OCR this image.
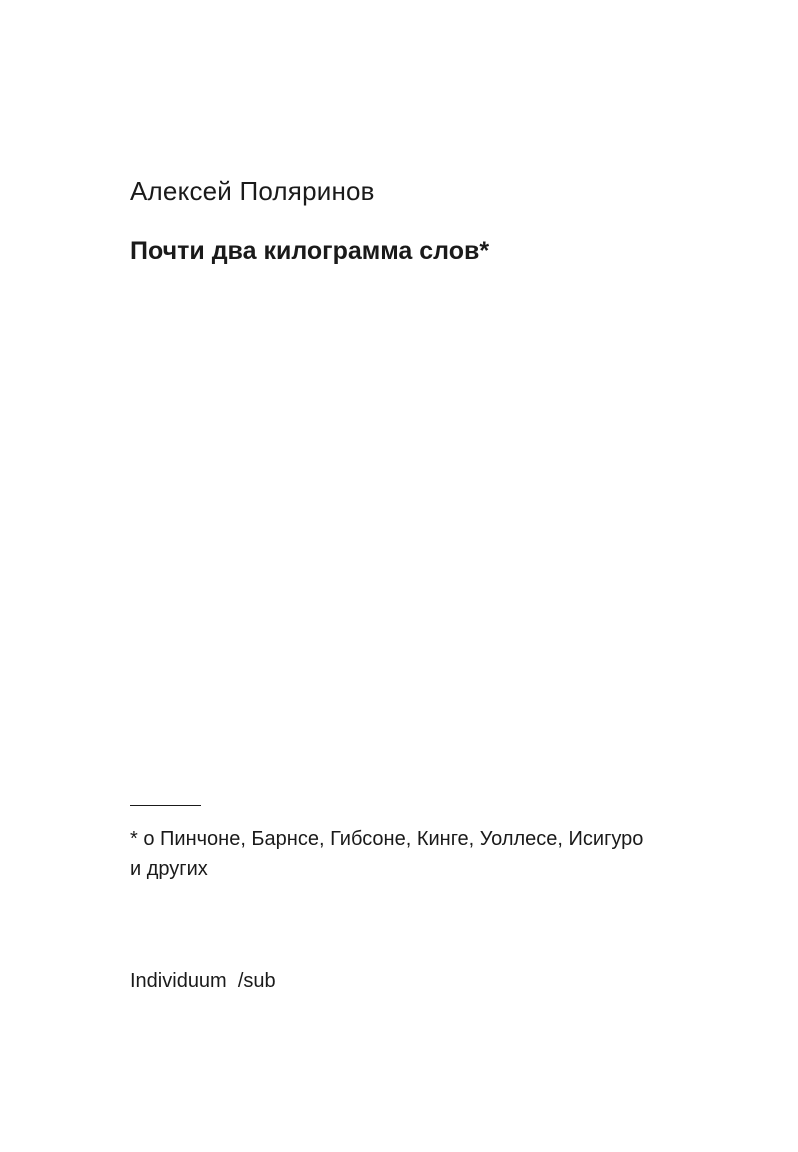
Алексей Поляринов
Почти два килограмма слов*
* о Пинчоне, Барнсе, Гибсоне, Кинге, Уоллесе, Исигуро
и других
Individuum  /sub
